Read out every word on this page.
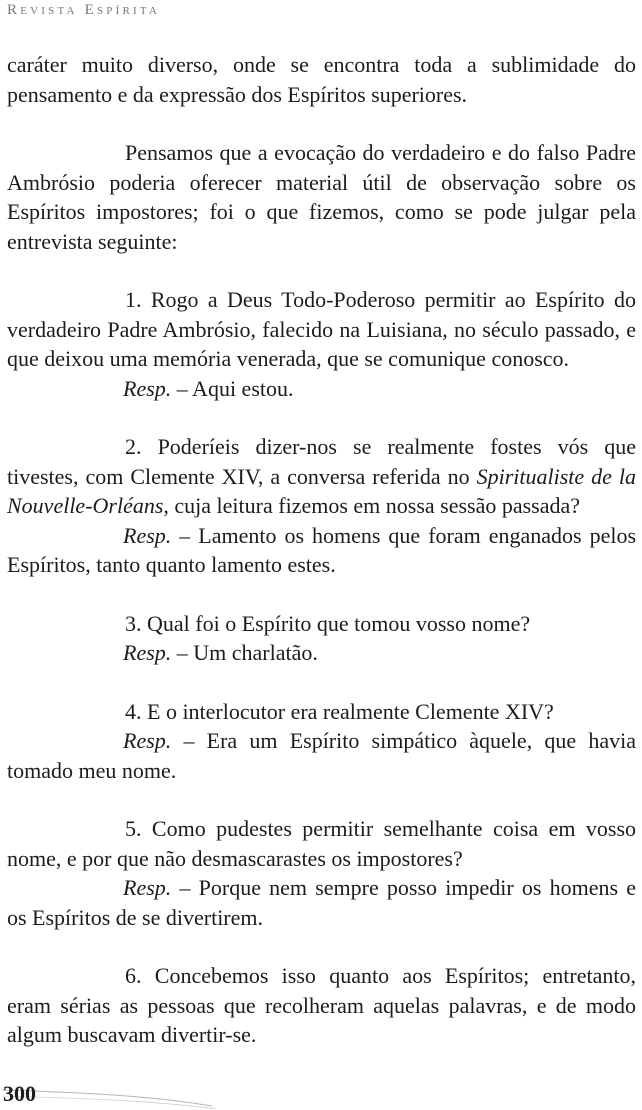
Revista Espírita

caráter muito diverso, onde se encontra toda a sublimidade do pensamento e da expressão dos Espíritos superiores.

Pensamos que a evocação do verdadeiro e do falso Padre Ambrósio poderia oferecer material útil de observação sobre os Espíritos impostores; foi o que fizemos, como se pode julgar pela entrevista seguinte:

1. Rogo a Deus Todo-Poderoso permitir ao Espírito do verdadeiro Padre Ambrósio, falecido na Luisiana, no século passado, e que deixou uma memória venerada, que se comunique conosco.

Resp. – Aqui estou.

2. Poderíeis dizer-nos se realmente fostes vós que tivestes, com Clemente XIV, a conversa referida no Spiritualiste de la Nouvelle-Orléans, cuja leitura fizemos em nossa sessão passada?

Resp. – Lamento os homens que foram enganados pelos Espíritos, tanto quanto lamento estes.

3. Qual foi o Espírito que tomou vosso nome?

Resp. – Um charlatão.

4. E o interlocutor era realmente Clemente XIV?

Resp. – Era um Espírito simpático àquele, que havia tomado meu nome.

5. Como pudestes permitir semelhante coisa em vosso nome, e por que não desmascarastes os impostores?

Resp. – Porque nem sempre posso impedir os homens e os Espíritos de se divertirem.

6. Concebemos isso quanto aos Espíritos; entretanto, eram sérias as pessoas que recolheram aquelas palavras, e de modo algum buscavam divertir-se.

300
